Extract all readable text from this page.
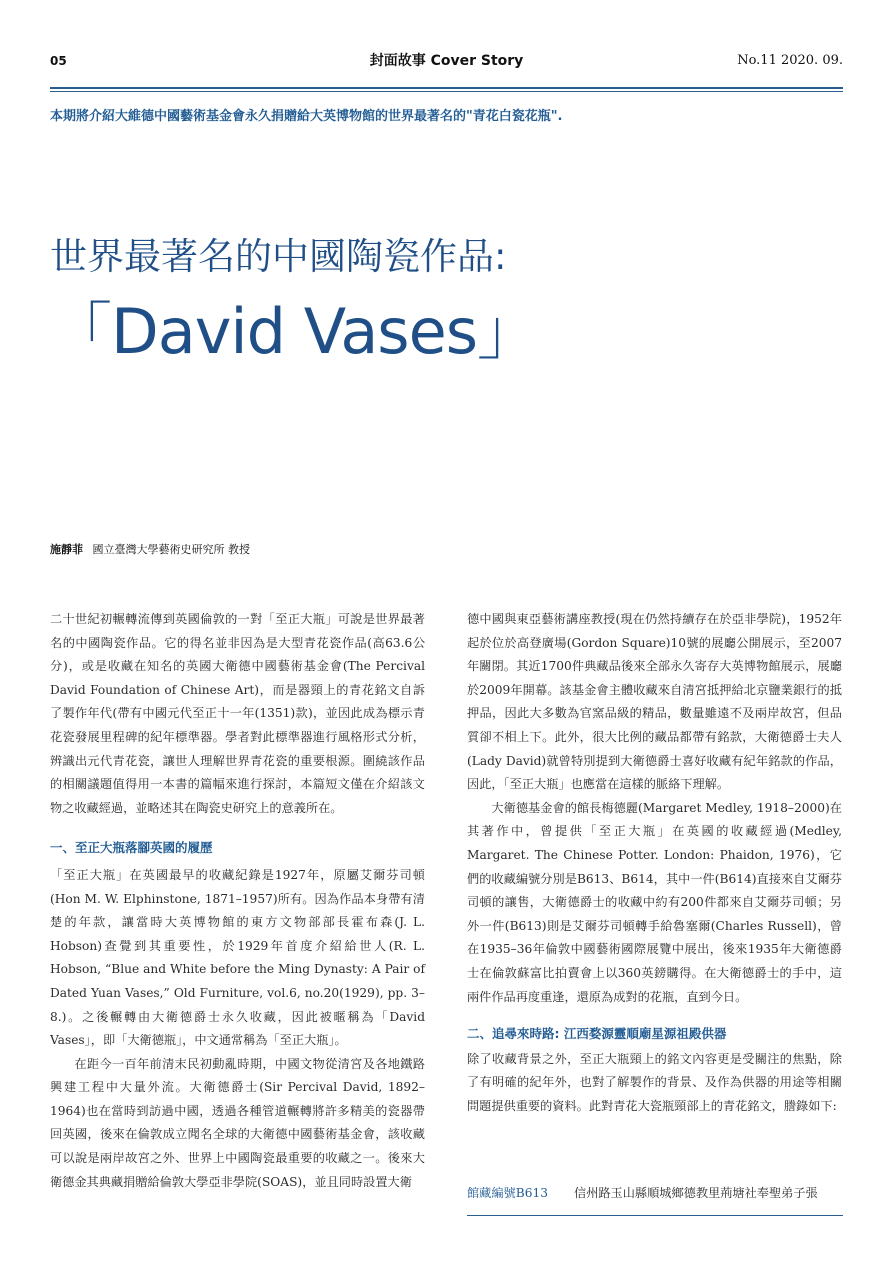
05	封面故事 Cover Story	No.11 2020. 09.
本期將介紹大維德中國藝術基金會永久捐贈給大英博物館的世界最著名的"青花白瓷花瓶".
世界最著名的中國陶瓷作品:
「David Vases」
施靜菲 國立臺灣大學藝術史研究所 教授

二十世紀初輾轉流傳到英國倫敦的一對「至正大瓶」可說是世界最著名的中國陶瓷作品。它的得名並非因為是大型青花瓷作品(高63.6公分)，或是收藏在知名的英國大衛德中國藝術基金會(The Percival David Foundation of Chinese Art)，而是器頸上的青花銘文自訴了製作年代(帶有中國元代至正十一年(1351)款)，並因此成為標示青花瓷發展里程碑的紀年標準器。學者對此標準器進行風格形式分析，辨識出元代青花瓷，讓世人理解世界青花瓷的重要根源。圍繞該作品的相關議題值得用一本書的篇幅來進行探討，本篇短文僅在介紹該文物之收藏經過，並略述其在陶瓷史研究上的意義所在。

一、至正大瓶落腳英國的履歷

「至正大瓶」在英國最早的收藏紀錄是1927年，原屬艾爾芬司頓(Hon M. W. Elphinstone, 1871–1957)所有。因為作品本身帶有清楚的年款，讓當時大英博物館的東方文物部部長霍布森(J. L. Hobson)查覺到其重要性，於1929年首度介紹給世人(R. L. Hobson, “Blue and White before the Ming Dynasty: A Pair of Dated Yuan Vases,” Old Furniture, vol.6, no.20(1929), pp. 3–8.)。之後輾轉由大衛德爵士永久收藏，因此被暱稱為「David Vases」，即「大衛德瓶」，中文通常稱為「至正大瓶」。

在距今一百年前清末民初動亂時期，中國文物從清宮及各地鐵路興建工程中大量外流。大衛德爵士(Sir Percival David, 1892–1964)也在當時到訪過中國，透過各種管道輾轉將許多精美的瓷器帶回英國，後來在倫敦成立聞名全球的大衛德中國藝術基金會，該收藏可以說是兩岸故宮之外、世界上中國陶瓷最重要的收藏之一。後來大衛德金其典藏捐贈給倫敦大學亞非學院(SOAS)，並且同時設置大衛

德中國與東亞藝術講座教授(現在仍然持續存在於亞非學院)，1952年起於位於高登廣場(Gordon Square)10號的展廳公開展示，至2007年關閉。其近1700件典藏品後來全部永久寄存大英博物館展示，展廳於2009年開幕。該基金會主體收藏來自清宮抵押給北京鹽業銀行的抵押品，因此大多數為官窯品級的精品，數量雖遠不及兩岸故宮，但品質卻不相上下。此外，很大比例的藏品都帶有銘款，大衛德爵士夫人(Lady David)就曾特別提到大衛德爵士喜好收藏有紀年銘款的作品，因此，「至正大瓶」也應當在這樣的脈絡下理解。

大衛德基金會的館長梅德麗(Margaret Medley, 1918–2000)在其著作中，曾提供「至正大瓶」在英國的收藏經過(Medley, Margaret. The Chinese Potter. London: Phaidon, 1976)，它們的收藏編號分別是B613、B614，其中一件(B614)直接來自艾爾芬司頓的讓售，大衛德爵士的收藏中約有200件都來自艾爾芬司頓；另外一件(B613)則是艾爾芬司頓轉手給魯塞爾(Charles Russell)，曾在1935–36年倫敦中國藝術國際展覽中展出，後來1935年大衛德爵士在倫敦蘇富比拍賣會上以360英鎊購得。在大衛德爵士的手中，這兩件作品再度重逢，還原為成對的花瓶，直到今日。

二、追尋來時路: 江西婺源靈順廟星源祖殿供器

除了收藏背景之外，至正大瓶頸上的銘文內容更是受關注的焦點，除了有明確的紀年外，也對了解製作的背景、及作為供器的用途等相關問題提供重要的資料。此對青花大瓷瓶頸部上的青花銘文，謄錄如下:

館藏編號B613 信州路玉山縣順城鄉德教里荊塘社奉聖弟子張
